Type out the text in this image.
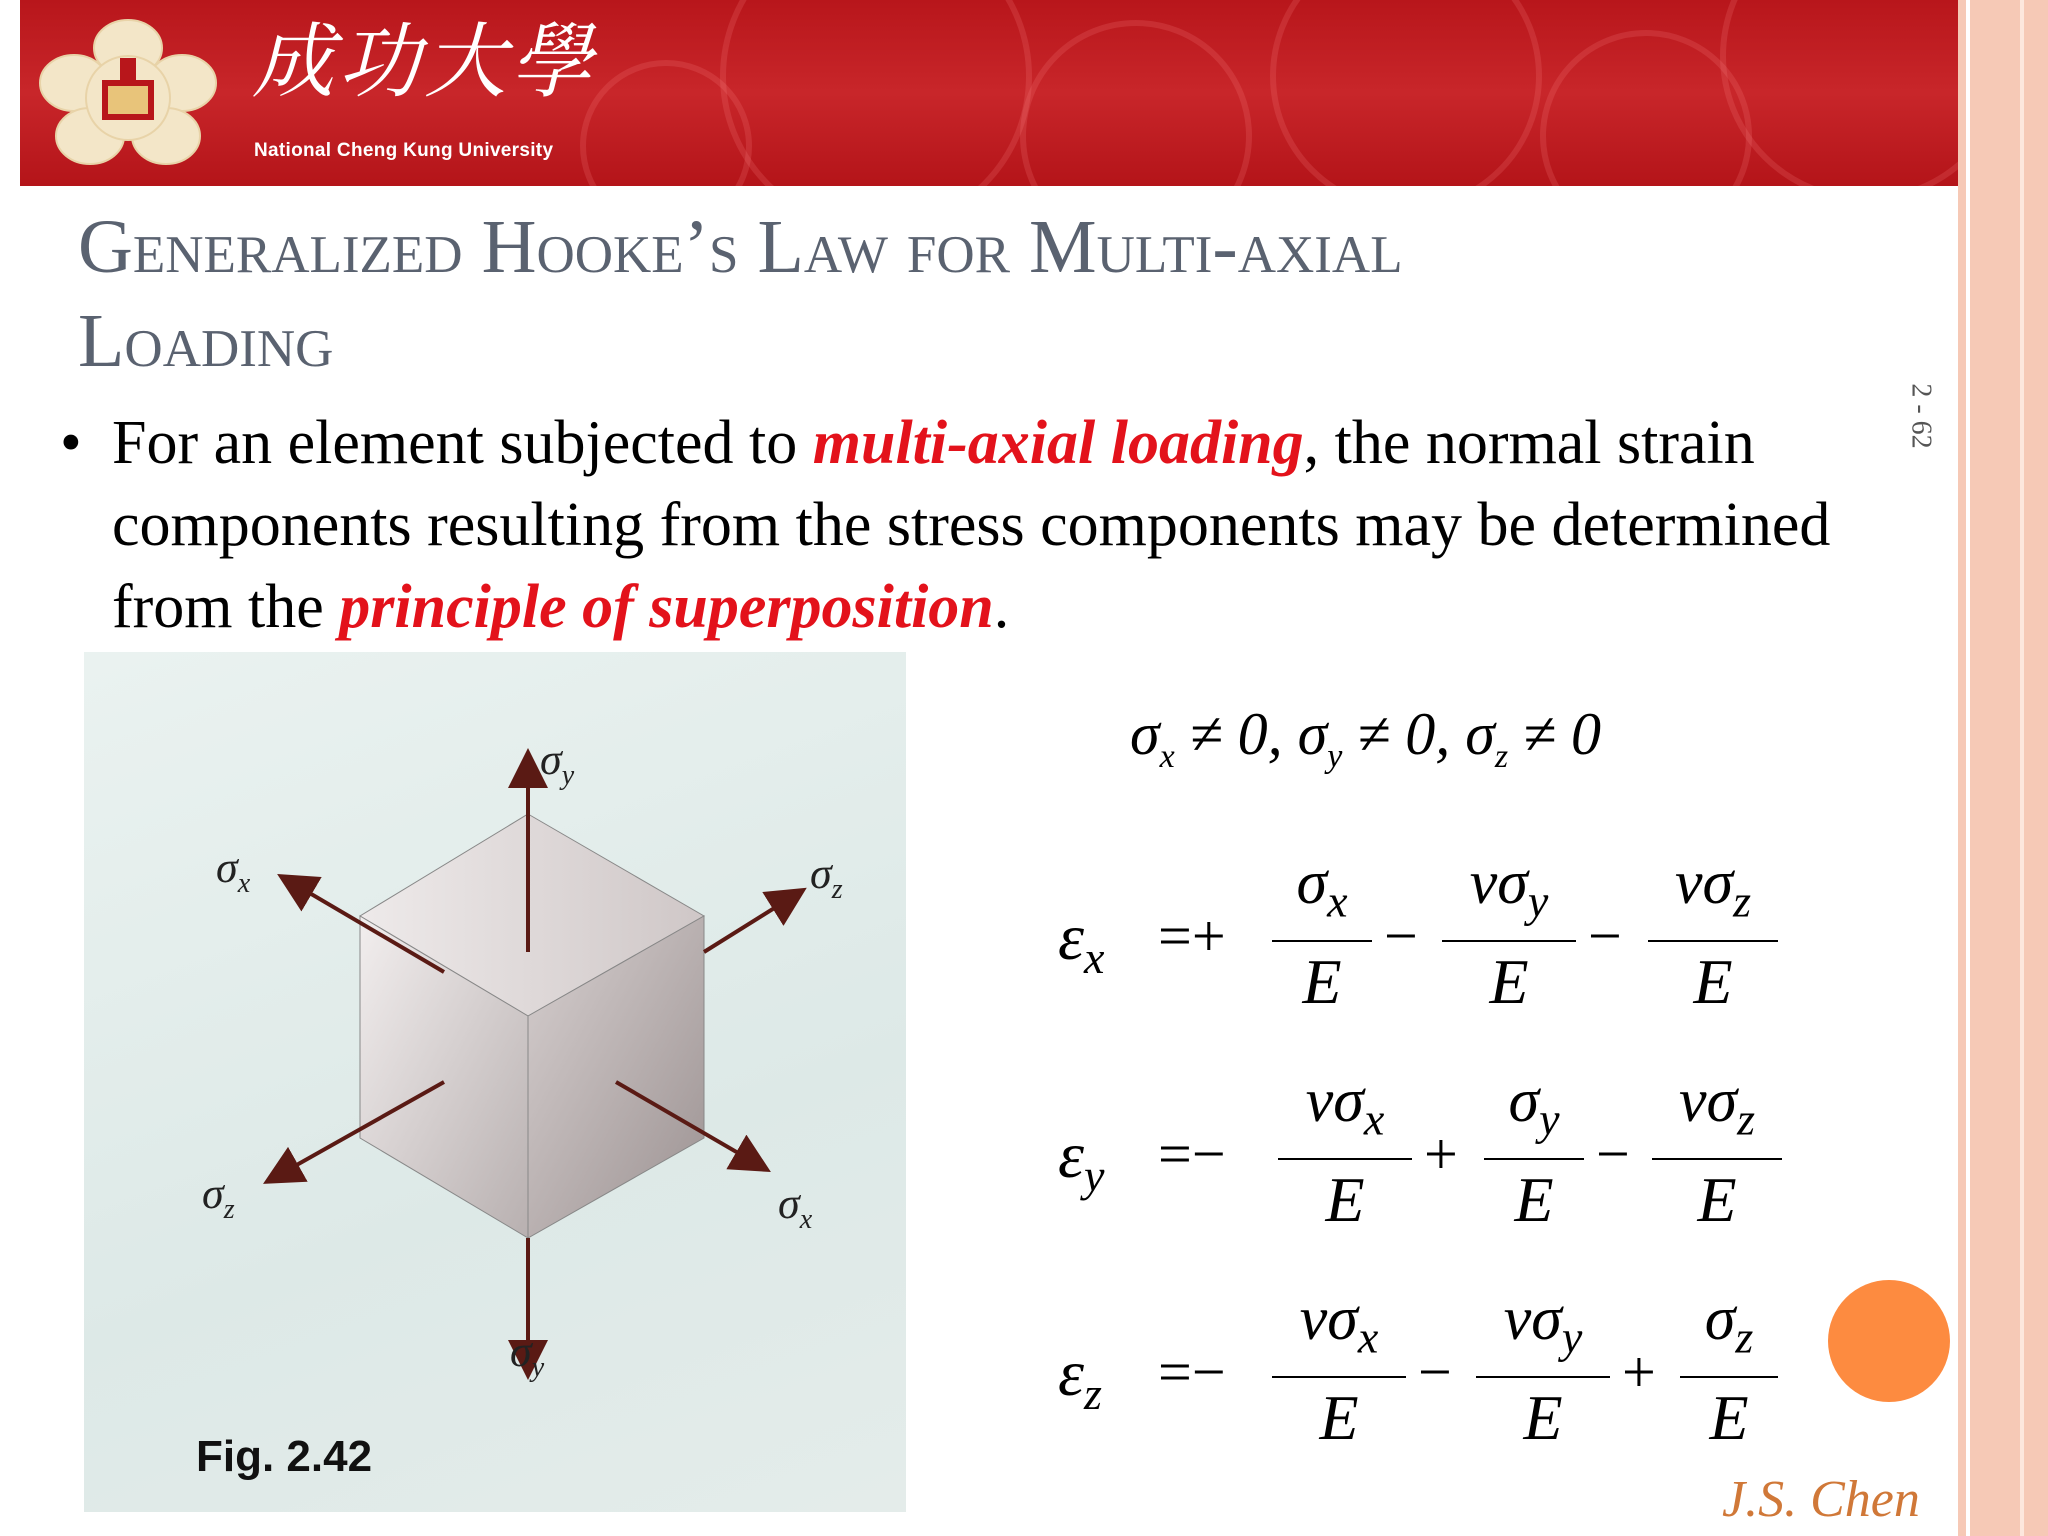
成功大學
National Cheng Kung University
Generalized Hooke’s Law for Multi-axial
Loading
2 - 62
• For an element subjected to multi-axial loading, the normal strain components resulting from the stress components may be determined from the principle of superposition.

$\sigma_y$
$\sigma_x$	$\sigma_z$
$\sigma_z$	$\sigma_x$
$\sigma_y$
Fig. 2.42
$\sigma_x \ne 0$, $\sigma_y \ne 0$, $\sigma_z \ne 0$
$\varepsilon_x$ =+
$\sigma_x$
E
−
$\nu\sigma_y$
E
−
$\nu\sigma_z$
E
$\varepsilon_y$ =−
$\nu\sigma_x$
E
+
$\sigma_y$
E
−
$\nu\sigma_z$
E
$\varepsilon_z$ =−
$\nu\sigma_x$
E
−
$\nu\sigma_y$
E
+
$\sigma_z$
E
J.S. Chen
